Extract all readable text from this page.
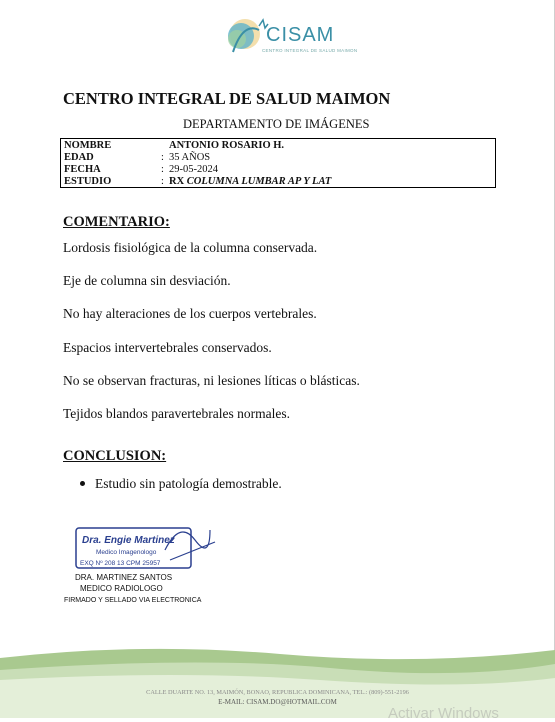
CISAM
CENTRO INTEGRAL DE SALUD MAIMON
CENTRO INTEGRAL DE SALUD MAIMON
DEPARTAMENTO DE IMÁGENES
NOMBRE	ANTONIO ROSARIO H.
EDAD	: 35 AÑOS
FECHA	: 29-05-2024
ESTUDIO	: RX COLUMNA LUMBAR AP Y LAT
COMENTARIO:
Lordosis fisiológica de la columna conservada.
Eje de columna sin desviación.
No hay alteraciones de los cuerpos vertebrales.
Espacios intervertebrales conservados.
No se observan fracturas, ni lesiones líticas o blásticas.
Tejidos blandos paravertebrales normales.
CONCLUSION:
Estudio sin patología demostrable.
Dra. Engie Martinez
Medico Imagenologo
EXQ Nº 208 13 CPM 25957
DRA. MARTINEZ SANTOS
MEDICO RADIOLOGO
FIRMADO Y SELLADO VIA ELECTRONICA
CALLE DUARTE NO. 13, MAIMÓN, BONAO, REPUBLICA DOMINICANA, TEL.: (809)-551-2196
E-MAIL: CISAM.DO@HOTMAIL.COM
Activar Windows
